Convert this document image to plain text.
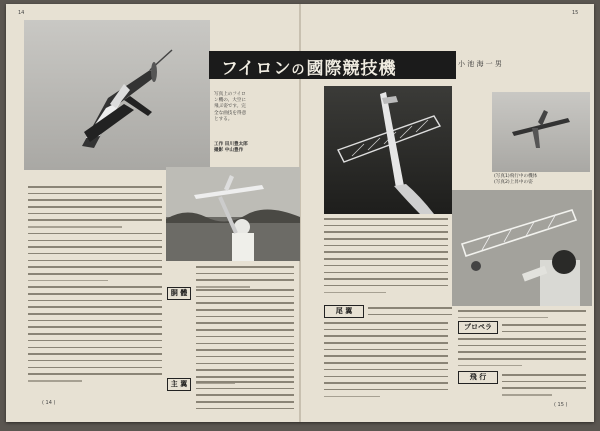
14	15
写真上のフイロ
ン機の、大空に
飛ぶ姿です。完
全な曲技を得意
とする。
工作 田川豊太郎
撮影 中山豊作
フイロンの國際競技機	小 池 海 一 男
胴 體
主 翼
( 14 )
(写真1)飛行中の機体
(写真2)上昇中の姿
尾 翼
プロペラ
飛 行
( 15 )
